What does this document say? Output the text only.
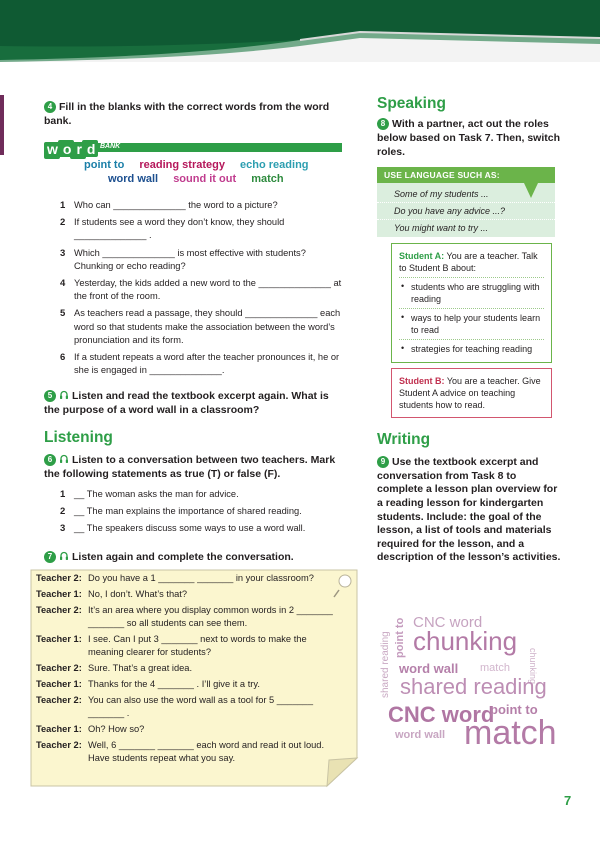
4 Fill in the blanks with the correct words from the word bank.
word BANK
point to reading strategy echo reading
word wall sound it out match
1 Who can ______________ the word to a picture?
2 If students see a word they don’t know, they should ______________ .
3 Which ______________ is most effective with students? Chunking or echo reading?
4 Yesterday, the kids added a new word to the ______________ at the front of the room.
5 As teachers read a passage, they should ______________ each word so that students make the association between the word’s pronunciation and its form.
6 If a student repeats a word after the teacher pronounces it, he or she is engaged in ______________.
5 Listen and read the textbook excerpt again. What is the purpose of a word wall in a classroom?
Listening
6 Listen to a conversation between two teachers. Mark the following statements as true (T) or false (F).
1 __ The woman asks the man for advice.
2 __ The man explains the importance of shared reading.
3 __ The speakers discuss some ways to use a word wall.
7 Listen again and complete the conversation.
Teacher 2: Do you have a 1 _______ _______ in your classroom?
Teacher 1: No, I don’t. What’s that?
Teacher 2: It’s an area where you display common words in 2 _______ _______ so all students can see them.
Teacher 1: I see. Can I put 3 _______ next to words to make the meaning clearer for students?
Teacher 2: Sure. That’s a great idea.
Teacher 1: Thanks for the 4 _______ . I’ll give it a try.
Teacher 2: You can also use the word wall as a tool for 5 _______ _______ .
Teacher 1: Oh? How so?
Teacher 2: Well, 6 _______ _______ each word and read it out loud. Have students repeat what you say.
Speaking
8 With a partner, act out the roles below based on Task 7. Then, switch roles.
USE LANGUAGE SUCH AS:
Some of my students ...
Do you have any advice ...?
You might want to try ...
Student A: You are a teacher. Talk to Student B about:
• students who are struggling with reading
• ways to help your students learn to read
• strategies for teaching reading
Student B: You are a teacher. Give Student A advice on teaching students how to read.
Writing
9 Use the textbook excerpt and conversation from Task 8 to complete a lesson plan overview for a reading lesson for kindergarten students. Include: the goal of the lesson, a list of tools and materials required for the lesson, and a description of the lesson’s activities.
CNC word
point to chunking
shared reading word wall match chunking
shared reading
CNC word
point to
word wall match
7
